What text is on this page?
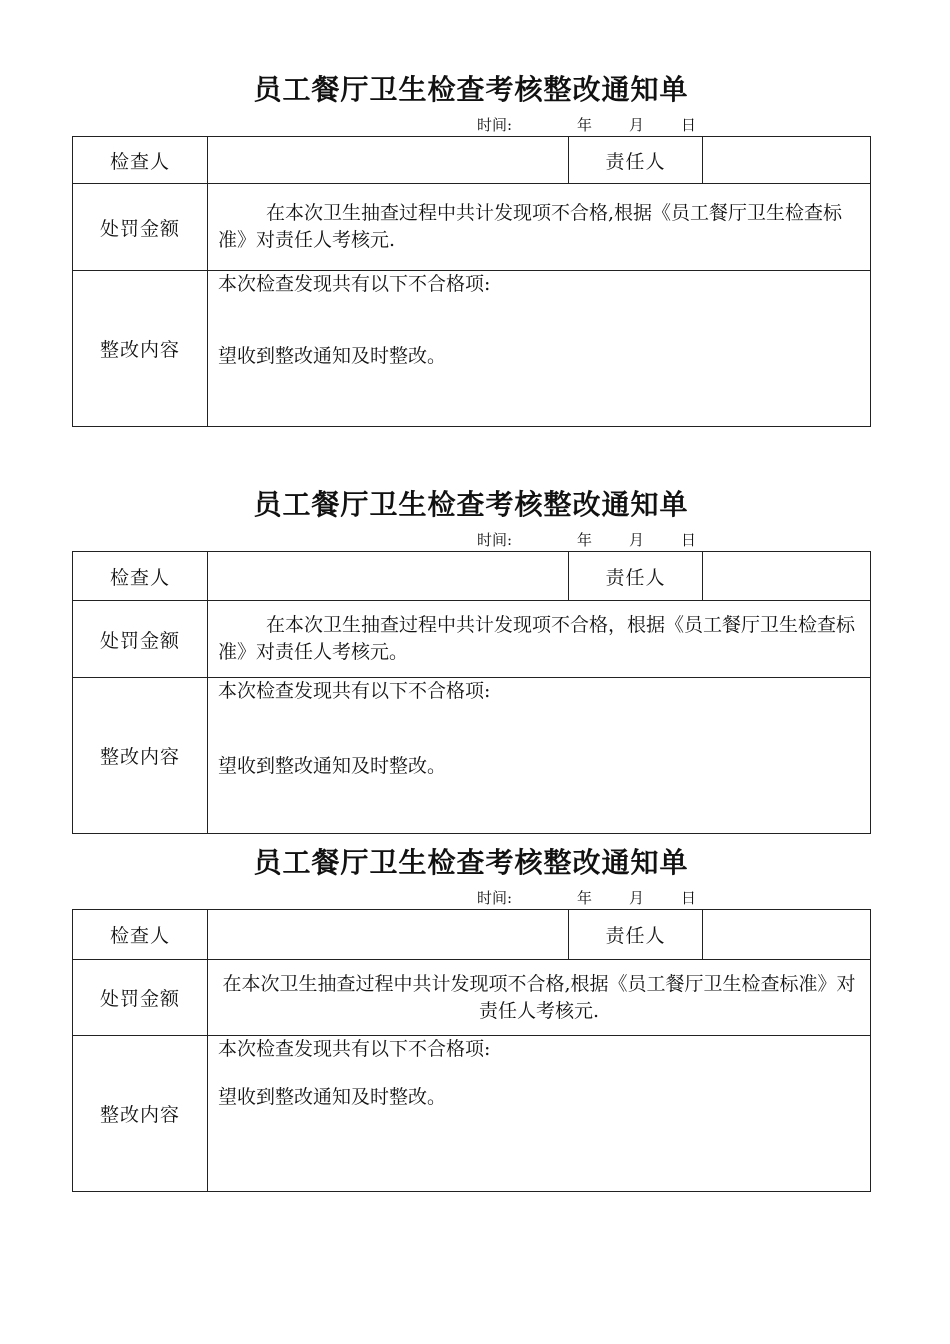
员工餐厅卫生检查考核整改通知单
时间:	年 月 日
检查人		责任人	
处罚金额	在本次卫生抽查过程中共计发现项不合格,根据《员工餐厅卫生检查标准》对责任人考核元.		
整改内容	本次检查发现共有以下不合格项:
望收到整改通知及时整改。		
员工餐厅卫生检查考核整改通知单
时间:	年 月 日
检查人		责任人	
处罚金额	在本次卫生抽查过程中共计发现项不合格，根据《员工餐厅卫生检查标准》对责任人考核元。		
整改内容	本次检查发现共有以下不合格项:
望收到整改通知及时整改。		
员工餐厅卫生检查考核整改通知单
时间:	年 月 日
检查人		责任人	
处罚金额	在本次卫生抽查过程中共计发现项不合格,根据《员工餐厅卫生检查标准》对责任人考核元.		
整改内容	本次检查发现共有以下不合格项:
望收到整改通知及时整改。		
